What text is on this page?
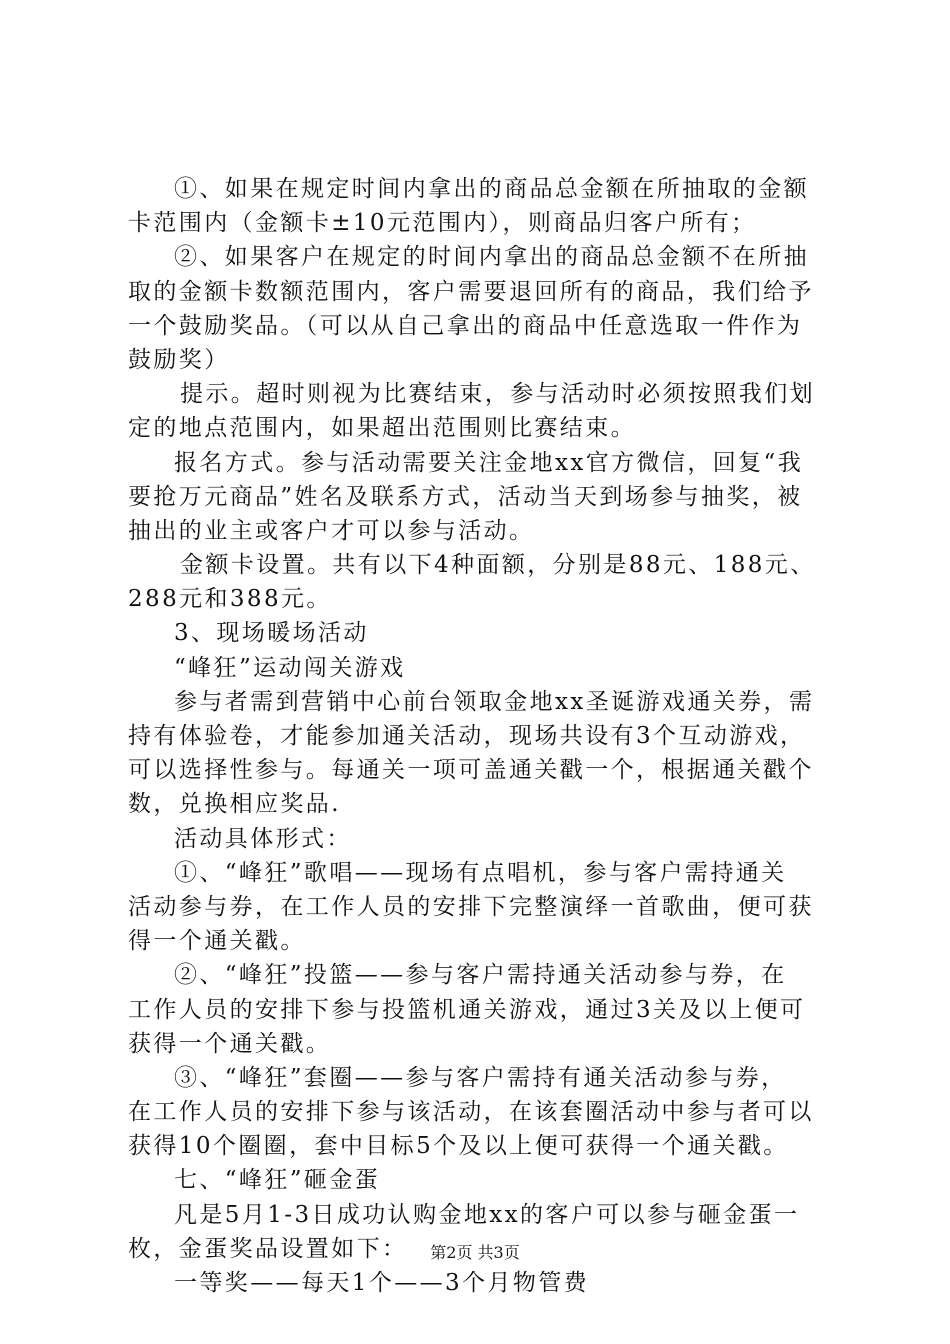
①、如果在规定时间内拿出的商品总金额在所抽取的金额
卡范围内（金额卡±10元范围内），则商品归客户所有；
②、如果客户在规定的时间内拿出的商品总金额不在所抽
取的金额卡数额范围内，客户需要退回所有的商品，我们给予
一个鼓励奖品。（可以从自己拿出的商品中任意选取一件作为
鼓励奖）
提示。超时则视为比赛结束，参与活动时必须按照我们划
定的地点范围内，如果超出范围则比赛结束。
报名方式。参与活动需要关注金地xx官方微信，回复“我
要抢万元商品”姓名及联系方式，活动当天到场参与抽奖，被
抽出的业主或客户才可以参与活动。
金额卡设置。共有以下4种面额，分别是88元、188元、
288元和388元。
3、现场暖场活动
“峰狂”运动闯关游戏
参与者需到营销中心前台领取金地xx圣诞游戏通关券，需
持有体验卷，才能参加通关活动，现场共设有3个互动游戏，
可以选择性参与。每通关一项可盖通关戳一个，根据通关戳个
数，兑换相应奖品.
活动具体形式：
①、“峰狂”歌唱——现场有点唱机，参与客户需持通关
活动参与券，在工作人员的安排下完整演绎一首歌曲，便可获
得一个通关戳。
②、“峰狂”投篮——参与客户需持通关活动参与券，在
工作人员的安排下参与投篮机通关游戏，通过3关及以上便可
获得一个通关戳。
③、“峰狂”套圈——参与客户需持有通关活动参与券，
在工作人员的安排下参与该活动，在该套圈活动中参与者可以
获得10个圈圈，套中目标5个及以上便可获得一个通关戳。
七、“峰狂”砸金蛋
凡是5月1-3日成功认购金地xx的客户可以参与砸金蛋一
枚，金蛋奖品设置如下：
一等奖——每天1个——3个月物管费
第2页 共3页
